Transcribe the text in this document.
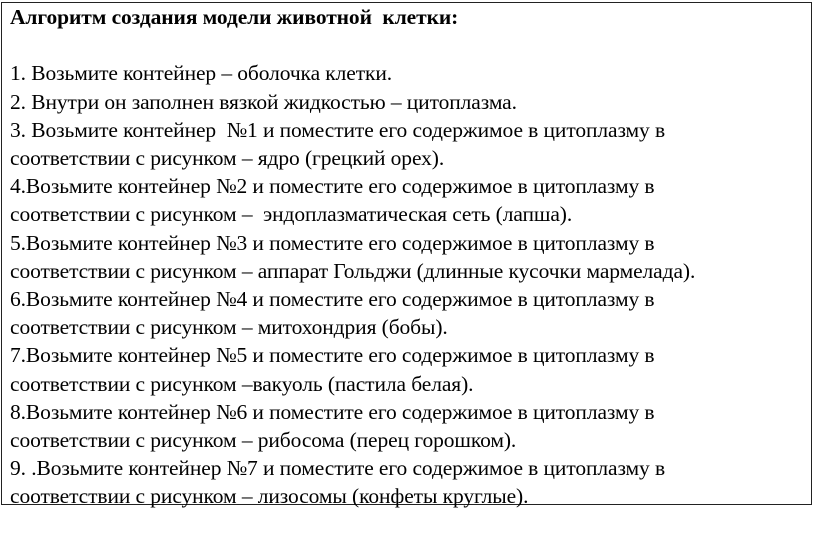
Алгоритм создания модели животной  клетки:
1. Возьмите контейнер – оболочка клетки.
2. Внутри он заполнен вязкой жидкостью – цитоплазма.
3. Возьмите контейнер  №1 и поместите его содержимое в цитоплазму в
соответствии с рисунком – ядро (грецкий орех).
4.Возьмите контейнер №2 и поместите его содержимое в цитоплазму в
соответствии с рисунком –  эндоплазматическая сеть (лапша).
5.Возьмите контейнер №3 и поместите его содержимое в цитоплазму в
соответствии с рисунком – аппарат Гольджи (длинные кусочки мармелада).
6.Возьмите контейнер №4 и поместите его содержимое в цитоплазму в
соответствии с рисунком – митохондрия (бобы).
7.Возьмите контейнер №5 и поместите его содержимое в цитоплазму в
соответствии с рисунком –вакуоль (пастила белая).
8.Возьмите контейнер №6 и поместите его содержимое в цитоплазму в
соответствии с рисунком – рибосома (перец горошком).
9. .Возьмите контейнер №7 и поместите его содержимое в цитоплазму в
соответствии с рисунком – лизосомы (конфеты круглые).
